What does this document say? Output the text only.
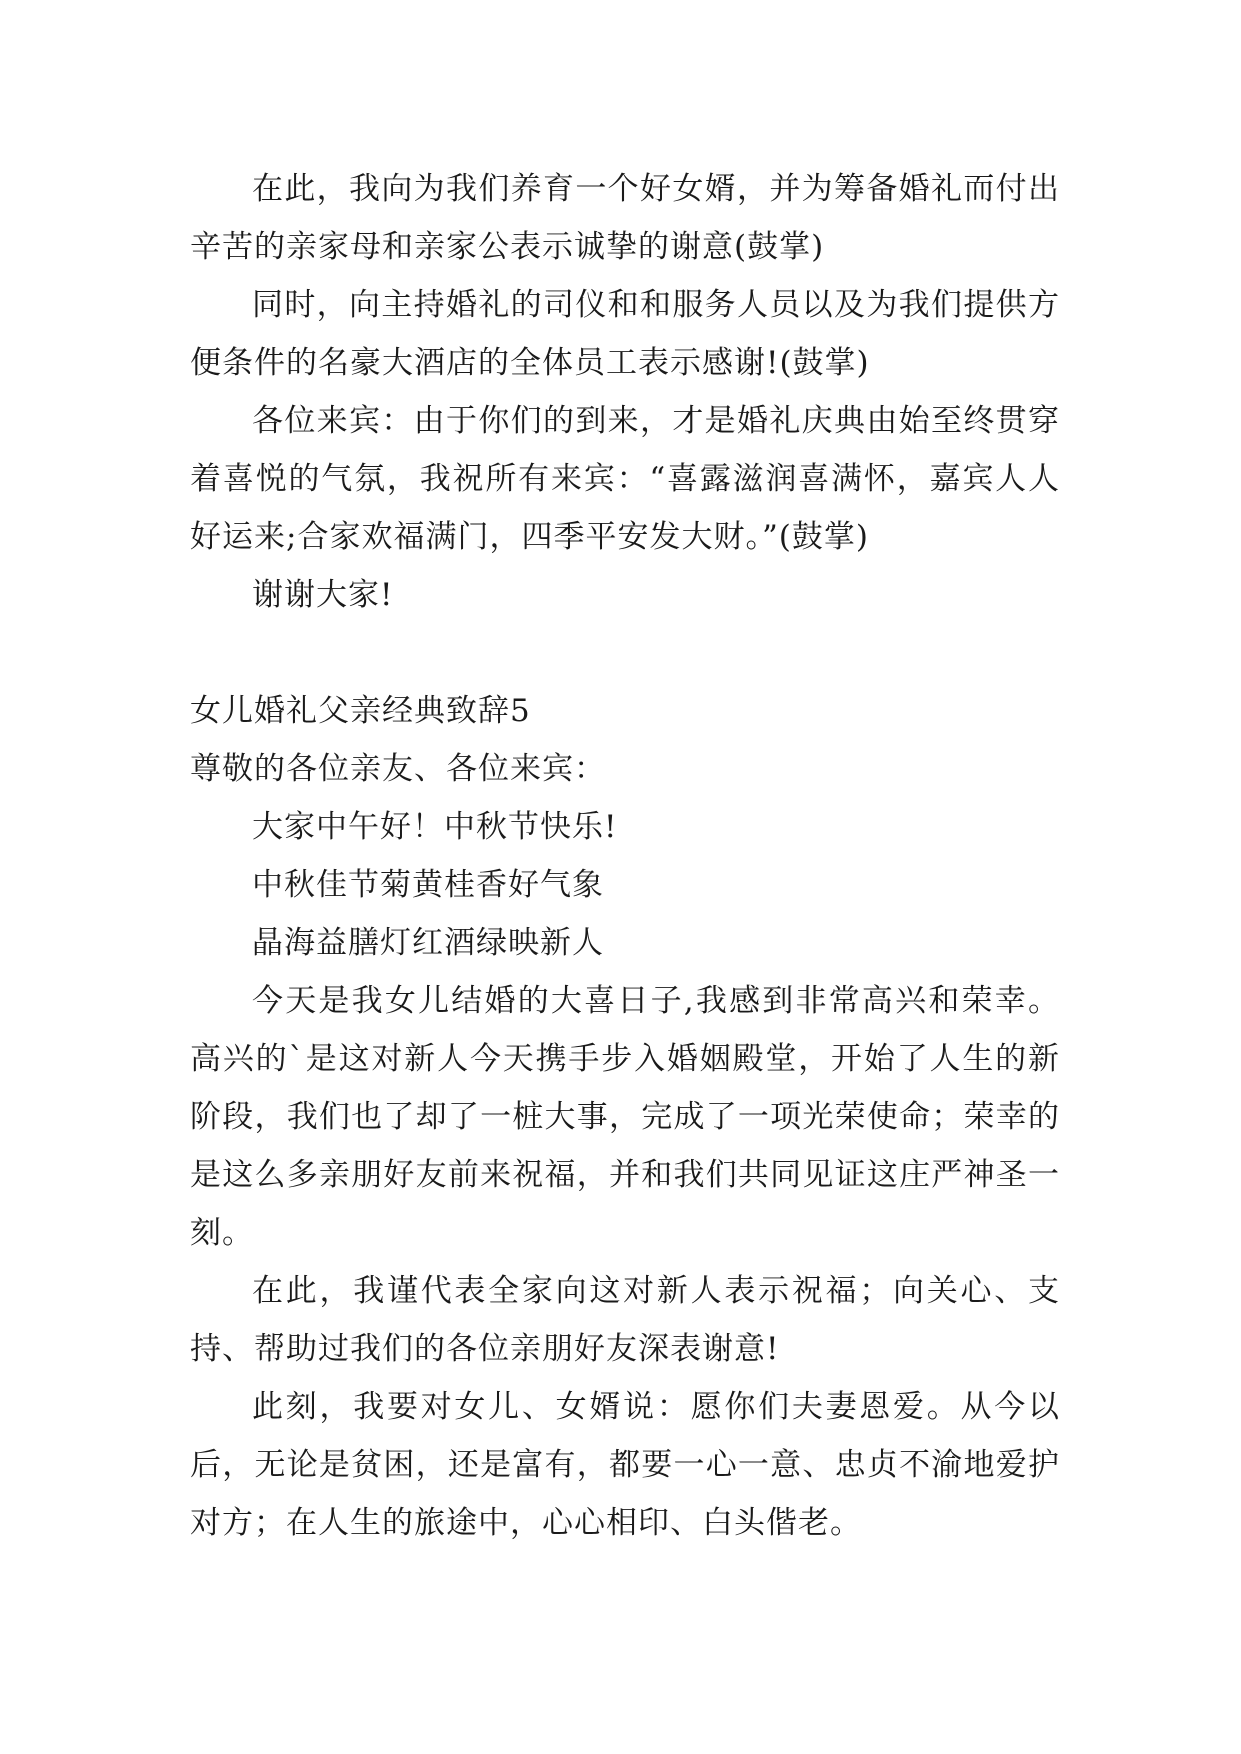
在此，我向为我们养育一个好女婿，并为筹备婚礼而付出辛苦的亲家母和亲家公表示诚挚的谢意(鼓掌)

同时，向主持婚礼的司仪和和服务人员以及为我们提供方便条件的名豪大酒店的全体员工表示感谢!(鼓掌)

各位来宾：由于你们的到来，才是婚礼庆典由始至终贯穿着喜悦的气氛，我祝所有来宾：“喜露滋润喜满怀，嘉宾人人好运来;合家欢福满门，四季平安发大财。”(鼓掌)

谢谢大家!

女儿婚礼父亲经典致辞5

尊敬的各位亲友、各位来宾：

大家中午好！中秋节快乐!

中秋佳节菊黄桂香好气象

晶海益膳灯红酒绿映新人

今天是我女儿结婚的大喜日子,我感到非常高兴和荣幸。高兴的`是这对新人今天携手步入婚姻殿堂，开始了人生的新阶段，我们也了却了一桩大事，完成了一项光荣使命；荣幸的是这么多亲朋好友前来祝福，并和我们共同见证这庄严神圣一刻。

在此，我谨代表全家向这对新人表示祝福；向关心、支持、帮助过我们的各位亲朋好友深表谢意!

此刻，我要对女儿、女婿说：愿你们夫妻恩爱。从今以后，无论是贫困，还是富有，都要一心一意、忠贞不渝地爱护对方；在人生的旅途中，心心相印、白头偕老。
